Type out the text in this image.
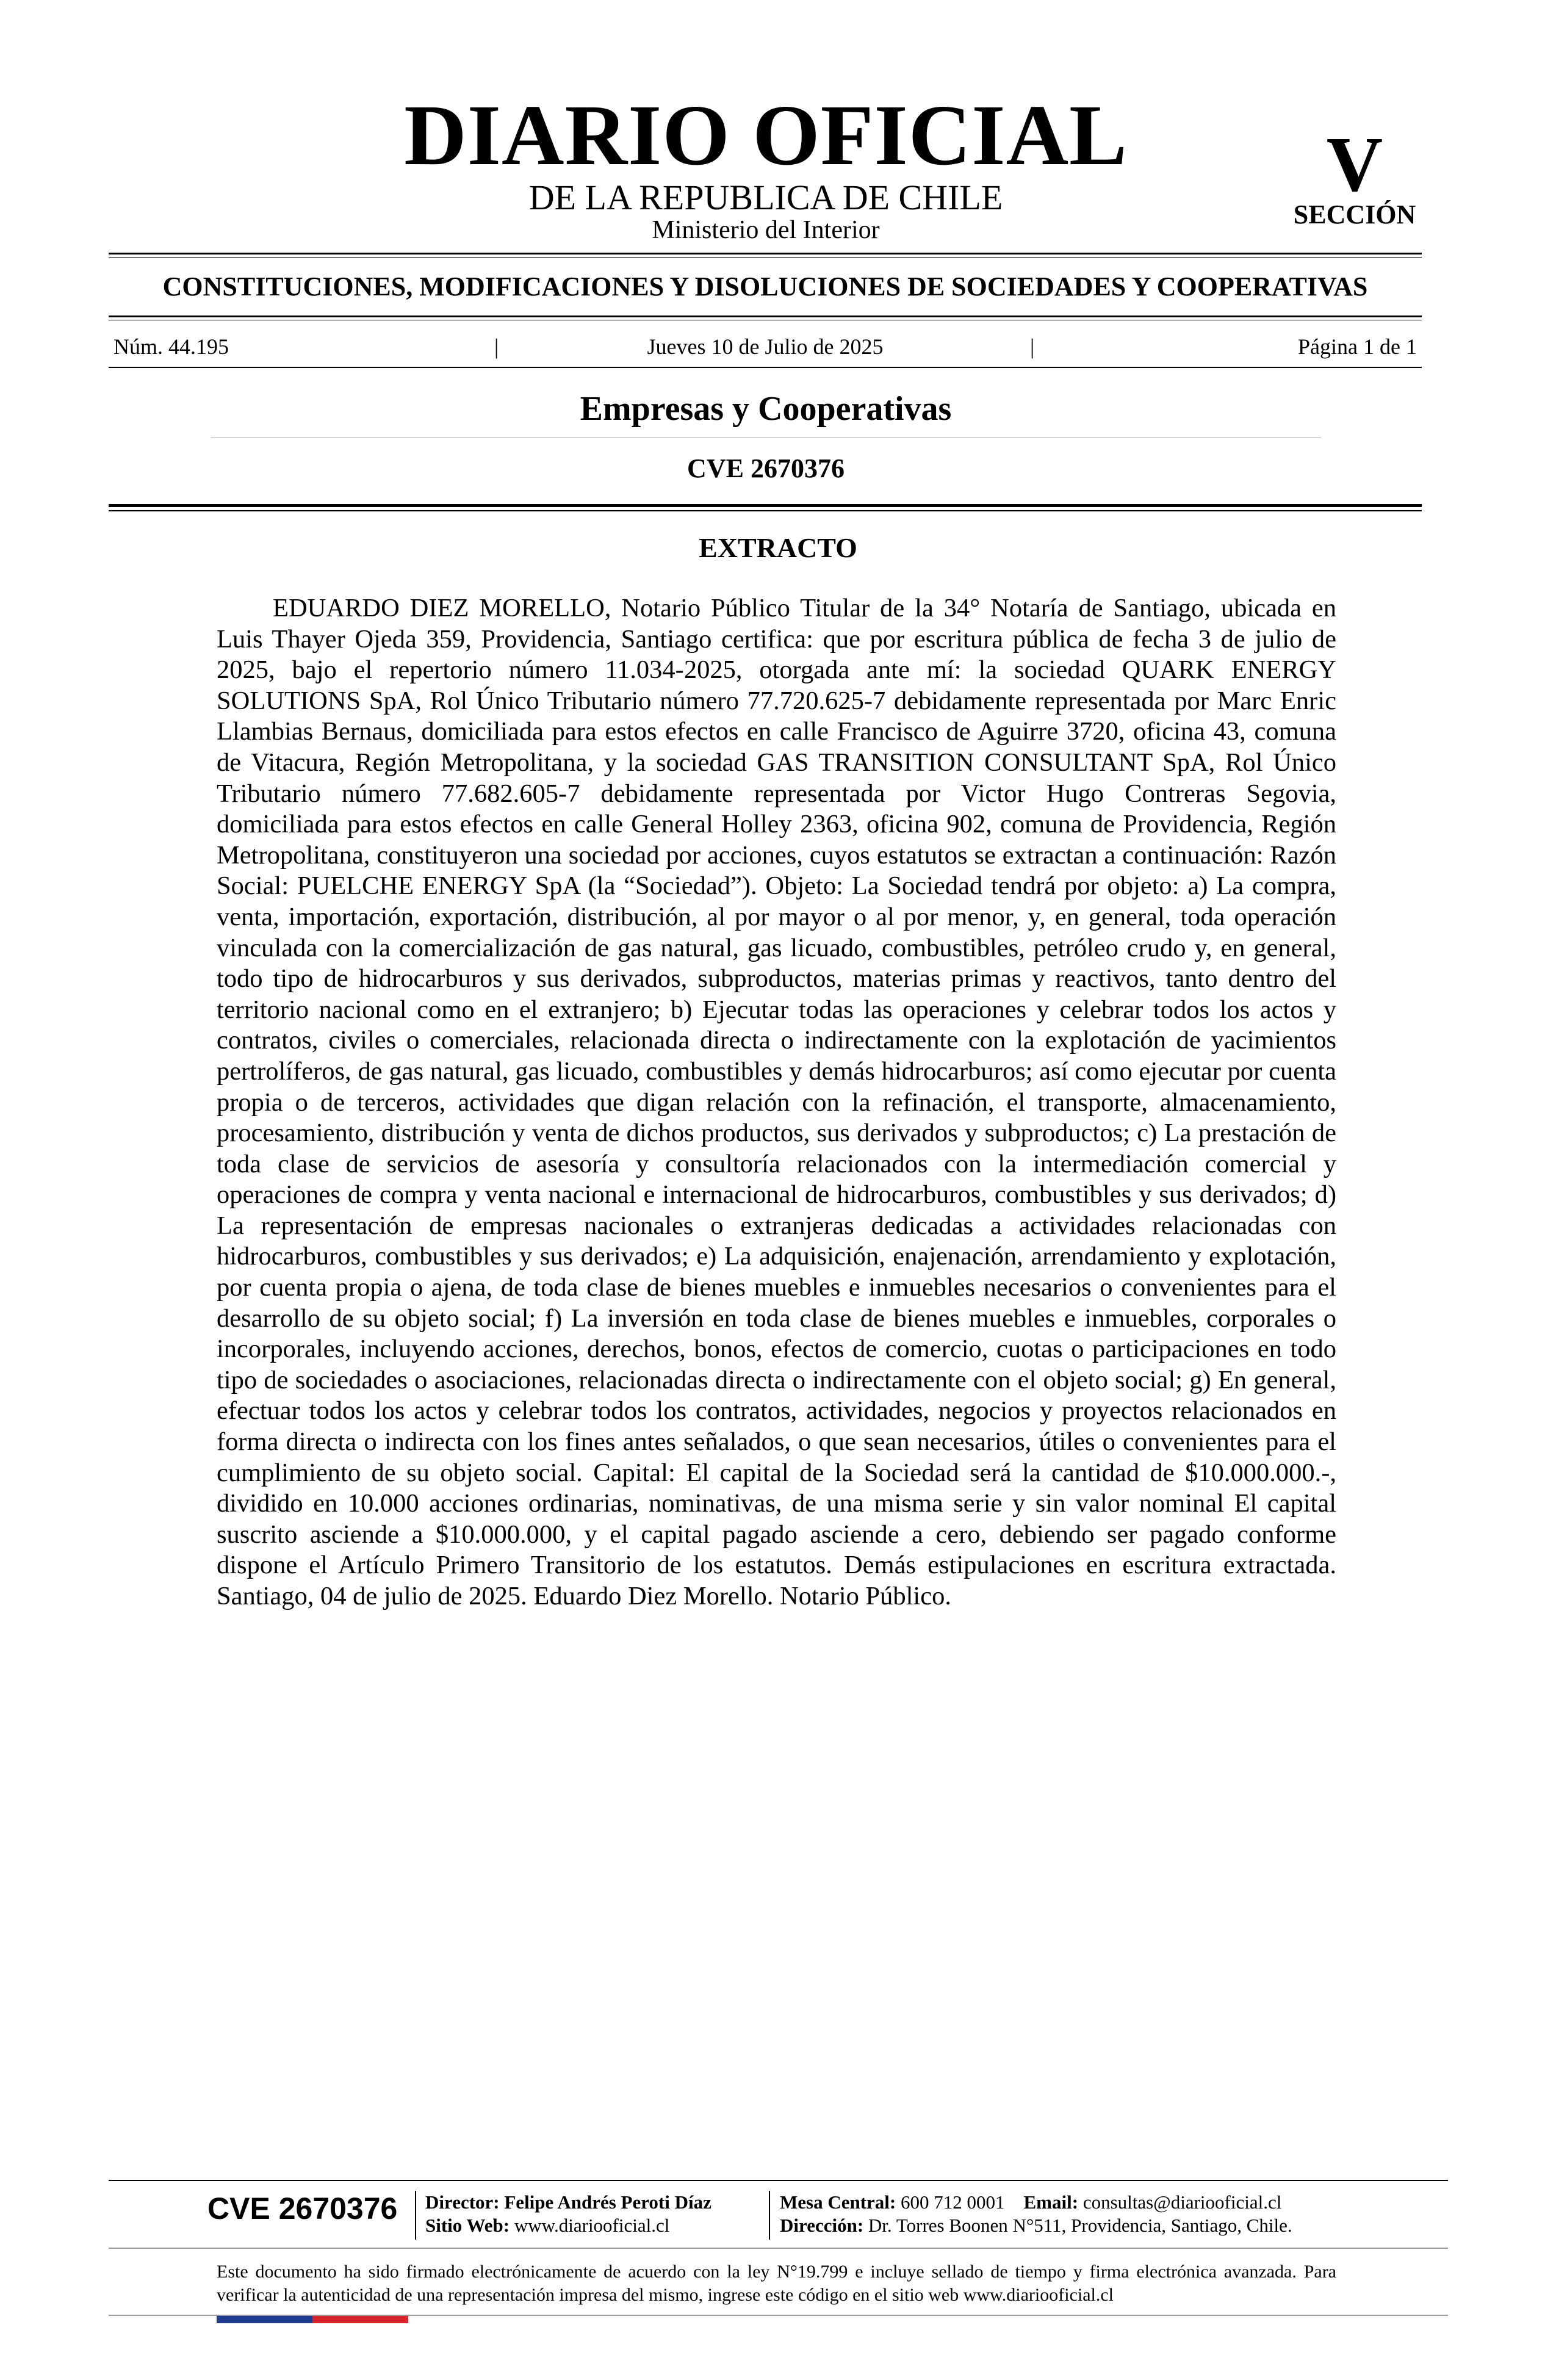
DIARIO OFICIAL
DE LA REPUBLICA DE CHILE
Ministerio del Interior
V
SECCIÓN
CONSTITUCIONES, MODIFICACIONES Y DISOLUCIONES DE SOCIEDADES Y COOPERATIVAS
Núm. 44.195	|	Jueves 10 de Julio de 2025	|	Página 1 de 1
Empresas y Cooperativas
CVE 2670376
EXTRACTO

EDUARDO DIEZ MORELLO, Notario Público Titular de la 34° Notaría de Santiago, ubicada en Luis Thayer Ojeda 359, Providencia, Santiago certifica: que por escritura pública de fecha 3 de julio de 2025, bajo el repertorio número 11.034-2025, otorgada ante mí: la sociedad QUARK ENERGY SOLUTIONS SpA, Rol Único Tributario número 77.720.625-7 debidamente representada por Marc Enric Llambias Bernaus, domiciliada para estos efectos en calle Francisco de Aguirre 3720, oficina 43, comuna de Vitacura, Región Metropolitana, y la sociedad GAS TRANSITION CONSULTANT SpA, Rol Único Tributario número 77.682.605-7 debidamente representada por Victor Hugo Contreras Segovia, domiciliada para estos efectos en calle General Holley 2363, oficina 902, comuna de Providencia, Región Metropolitana, constituyeron una sociedad por acciones, cuyos estatutos se extractan a continuación: Razón Social: PUELCHE ENERGY SpA (la “Sociedad”). Objeto: La Sociedad tendrá por objeto: a) La compra, venta, importación, exportación, distribución, al por mayor o al por menor, y, en general, toda operación vinculada con la comercialización de gas natural, gas licuado, combustibles, petróleo crudo y, en general, todo tipo de hidrocarburos y sus derivados, subproductos, materias primas y reactivos, tanto dentro del territorio nacional como en el extranjero; b) Ejecutar todas las operaciones y celebrar todos los actos y contratos, civiles o comerciales, relacionada directa o indirectamente con la explotación de yacimientos pertrolíferos, de gas natural, gas licuado, combustibles y demás hidrocarburos; así como ejecutar por cuenta propia o de terceros, actividades que digan relación con la refinación, el transporte, almacenamiento, procesamiento, distribución y venta de dichos productos, sus derivados y subproductos; c) La prestación de toda clase de servicios de asesoría y consultoría relacionados con la intermediación comercial y operaciones de compra y venta nacional e internacional de hidrocarburos, combustibles y sus derivados; d) La representación de empresas nacionales o extranjeras dedicadas a actividades relacionadas con hidrocarburos, combustibles y sus derivados; e) La adquisición, enajenación, arrendamiento y explotación, por cuenta propia o ajena, de toda clase de bienes muebles e inmuebles necesarios o convenientes para el desarrollo de su objeto social; f) La inversión en toda clase de bienes muebles e inmuebles, corporales o incorporales, incluyendo acciones, derechos, bonos, efectos de comercio, cuotas o participaciones en todo tipo de sociedades o asociaciones, relacionadas directa o indirectamente con el objeto social; g) En general, efectuar todos los actos y celebrar todos los contratos, actividades, negocios y proyectos relacionados en forma directa o indirecta con los fines antes señalados, o que sean necesarios, útiles o convenientes para el cumplimiento de su objeto social. Capital: El capital de la Sociedad será la cantidad de $10.000.000.-, dividido en 10.000 acciones ordinarias, nominativas, de una misma serie y sin valor nominal El capital suscrito asciende a $10.000.000, y el capital pagado asciende a cero, debiendo ser pagado conforme dispone el Artículo Primero Transitorio de los estatutos. Demás estipulaciones en escritura extractada. Santiago, 04 de julio de 2025. Eduardo Diez Morello. Notario Público.

CVE 2670376 Director: Felipe Andrés Peroti Díaz
Sitio Web: www.diariooficial.cl
Mesa Central: 600 712 0001 Email: consultas@diariooficial.cl
Dirección: Dr. Torres Boonen N°511, Providencia, Santiago, Chile.
Este documento ha sido firmado electrónicamente de acuerdo con la ley N°19.799 e incluye sellado de tiempo y firma electrónica avanzada. Para verificar la autenticidad de una representación impresa del mismo, ingrese este código en el sitio web www.diariooficial.cl
